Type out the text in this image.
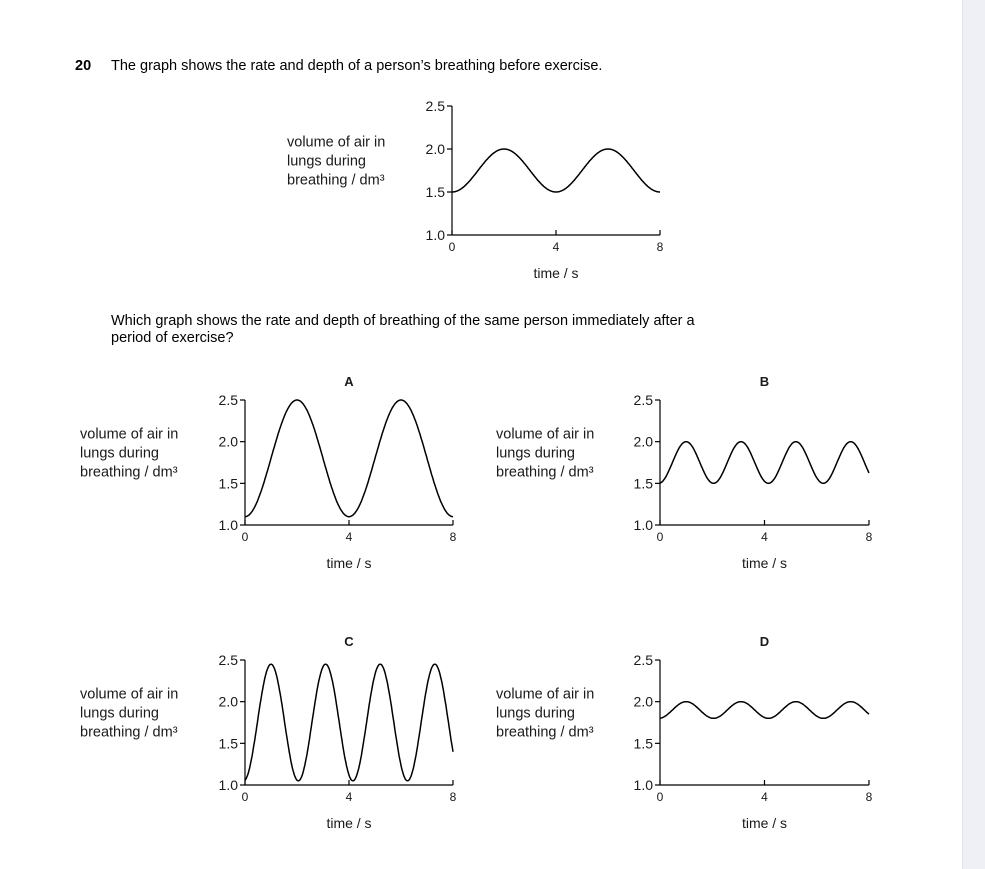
20 The graph shows the rate and depth of a person’s breathing before exercise.
Which graph shows the rate and depth of breathing of the same person immediately after a
period of exercise?
1.0
1.5
2.0
2.5
0	4	8
time / s
volume of air in
lungs during
breathing / dm³
1.0
1.5
2.0
2.5
0	4	8
time / s
volume of air in
lungs during
breathing / dm³
A
1.0
1.5
2.0
2.5
0	4	8
time / s
volume of air in
lungs during
breathing / dm³
B
1.0
1.5
2.0
2.5
0	4	8
time / s
volume of air in
lungs during
breathing / dm³
C
1.0
1.5
2.0
2.5
0	4	8
time / s
volume of air in
lungs during
breathing / dm³
D
